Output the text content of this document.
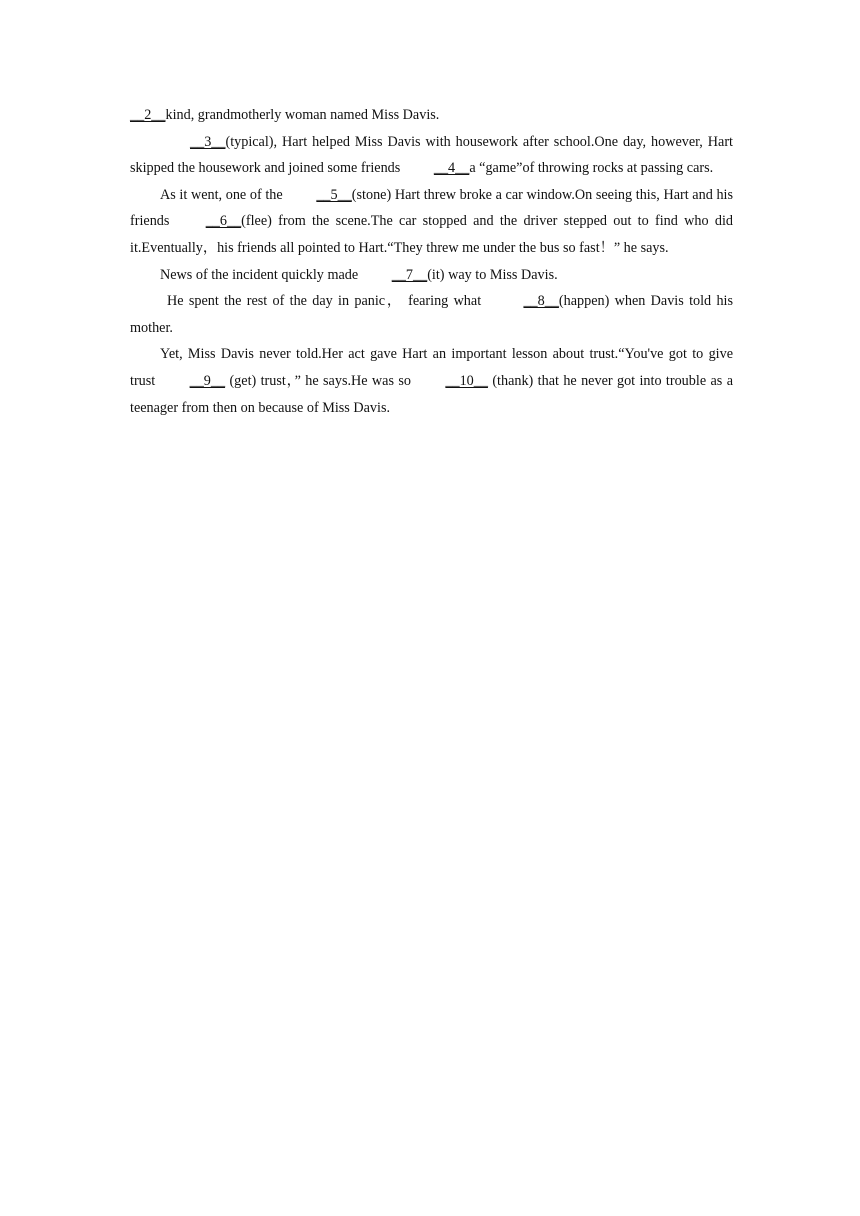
__2__kind, grandmotherly woman named Miss Davis.

__3__(typical), Hart helped Miss Davis with housework after school.One day, however, Hart skipped the housework and joined some friends __4__a “game”of throwing rocks at passing cars.

As it went, one of the __5__(stone) Hart threw broke a car window.On seeing this, Hart and his friends __6__(flee) from the scene.The car stopped and the driver stepped out to find who did it.Eventually，his friends all pointed to Hart.“They threw me under the bus so fast！” he says.

News of the incident quickly made __7__(it) way to Miss Davis.

He spent the rest of the day in panic， fearing what	__8__(happen) when Davis told his mother.

Yet, Miss Davis never told.Her act gave Hart an important lesson about trust.“You've got to give trust __9__ (get) trust，” he says.He was so __10__ (thank) that he never got into trouble as a teenager from then on because of Miss Davis.
